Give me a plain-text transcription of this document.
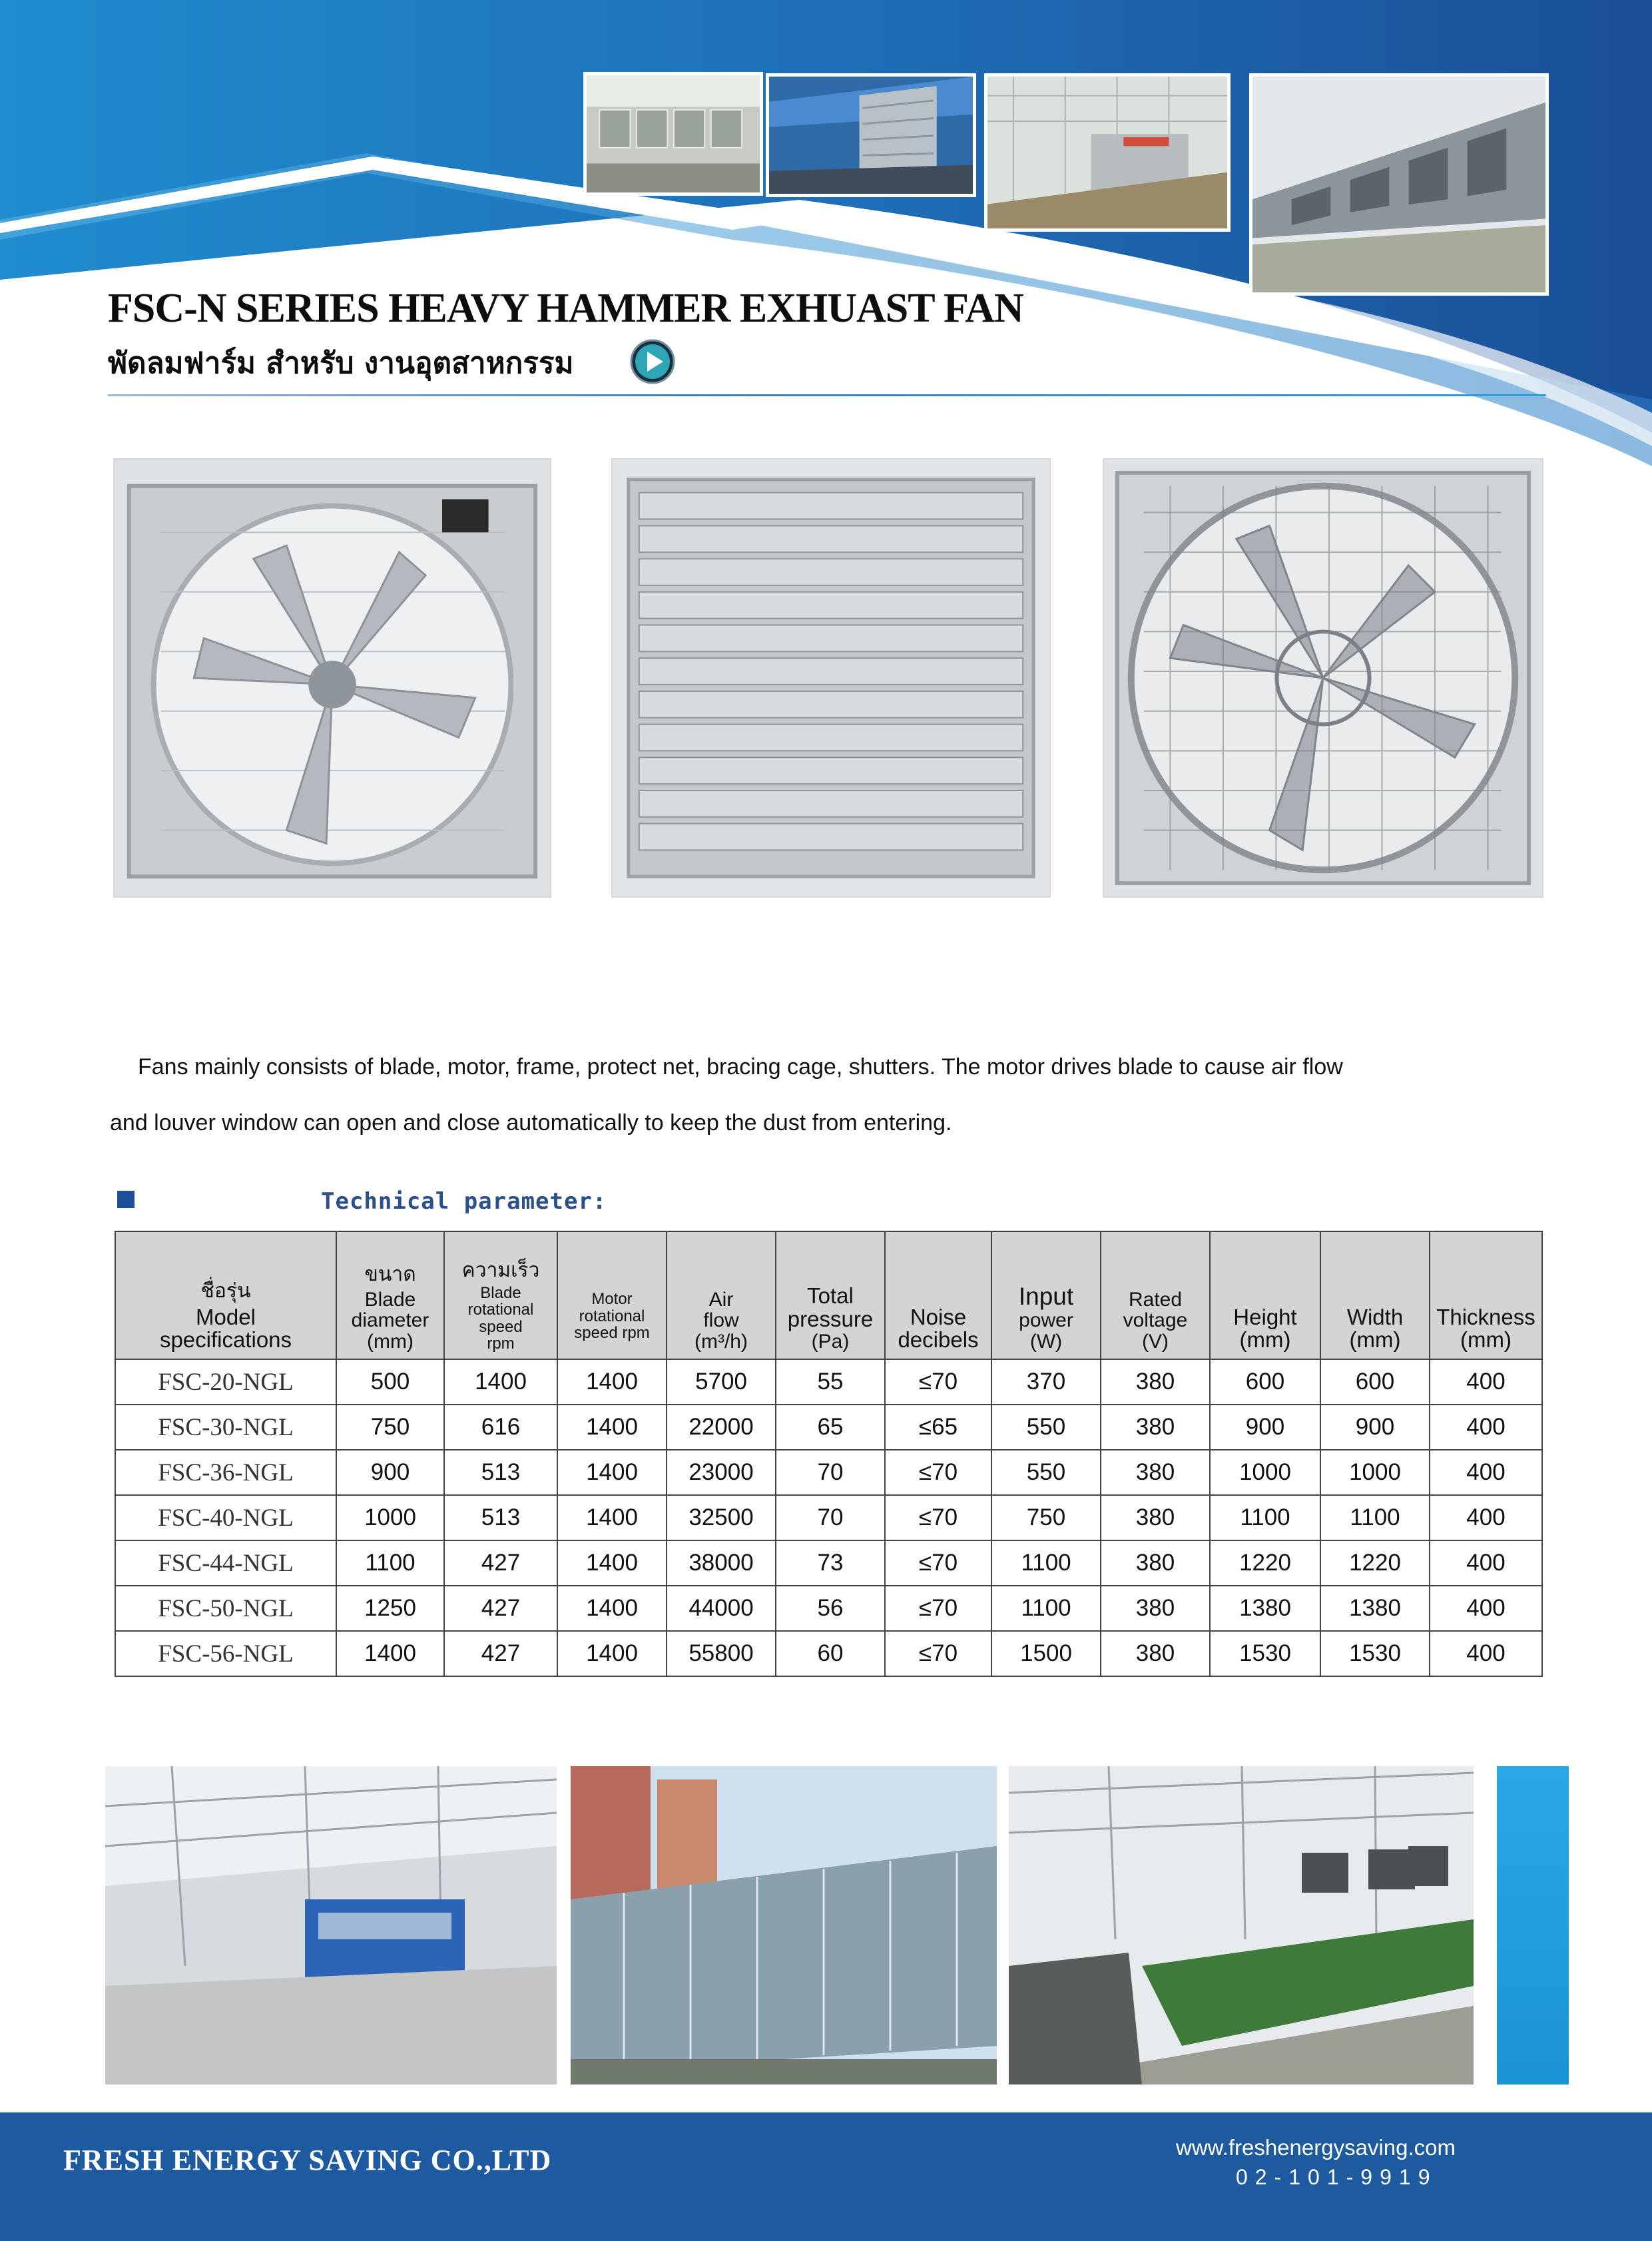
FSC-N SERIES HEAVY HAMMER EXHUAST FAN
พัดลมฟาร์ม สำหรับ งานอุตสาหกรรม

Fans mainly consists of blade, motor, frame, protect net, bracing cage, shutters. The motor drives blade to cause air flow

and louver window can open and close automatically to keep the dust from entering.

Technical parameter:
ชื่อรุ่น
Model
specifications	ขนาด
Blade
diameter
(mm)	ความเร็ว
Blade
rotational speed
rpm	Motor rotational
speed rpm	Air
flow
(m³/h)	Total
pressure
(Pa)	Noise
decibels	Input
power
(W)	Rated
voltage
(V)	Height
(mm)	Width
(mm)	Thickness
(mm)

FSC-20-NGL	500	1400	1400	5700	55	≤70	370	380	600	600	400
FSC-30-NGL	750	616	1400	22000	65	≤65	550	380	900	900	400
FSC-36-NGL	900	513	1400	23000	70	≤70	550	380	1000	1000	400
FSC-40-NGL	1000	513	1400	32500	70	≤70	750	380	1100	1100	400
FSC-44-NGL	1100	427	1400	38000	73	≤70	1100	380	1220	1220	400
FSC-50-NGL	1250	427	1400	44000	56	≤70	1100	380	1380	1380	400
FSC-56-NGL	1400	427	1400	55800	60	≤70	1500	380	1530	1530	400
FRESH ENERGY SAVING CO.,LTD	www.freshenergysaving.com
02-101-9919
